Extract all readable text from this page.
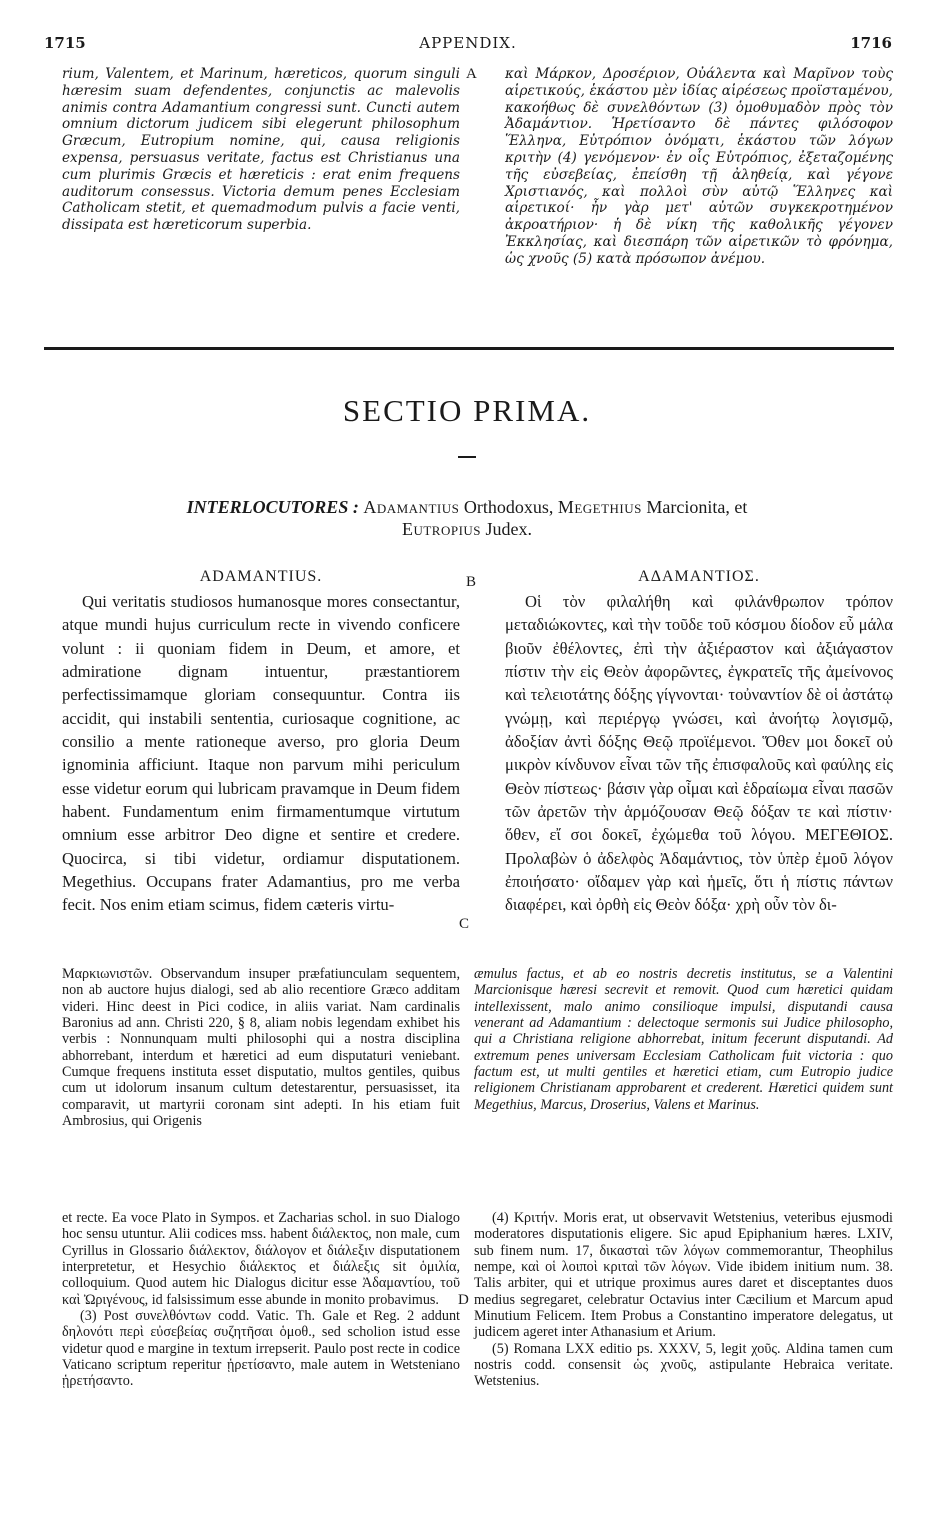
1715	APPENDIX.	1716
rium, Valentem, et Marinum, hæreticos, quorum singuli hæresim suam defendentes, conjunctis ac malevolis animis contra Adamantium congressi sunt. Cuncti autem omnium dictorum judicem sibi elegerunt philosophum Græcum, Eutropium nomine, qui, causa religionis expensa, persuasus veritate, factus est Christianus una cum plurimis Græcis et hæreticis : erat enim frequens auditorum consessus. Victoria demum penes Ecclesiam Catholicam stetit, et quemadmodum pulvis a facie venti, dissipata est hæreticorum superbia.
A καὶ Μάρκον, Δροσέριον, Οὐάλεντα καὶ Μαρῖνον τοὺς αἱρετικούς, ἑκάστου μὲν ἰδίας αἱρέσεως προϊσταμένου, κακοήθως δὲ συνελθόντων (3) ὁμοθυμαδὸν πρὸς τὸν Ἀδαμάντιον. Ἡρετίσαντο δὲ πάντες φιλόσοφον Ἕλληνα, Εὐτρόπιον ὀνόματι, ἑκάστου τῶν λόγων κριτὴν (4) γενόμενον· ἐν οἷς Εὐτρόπιος, ἐξεταζομένης τῆς εὐσεβείας, ἐπείσθη τῇ ἀληθείᾳ, καὶ γέγονε Χριστιανός, καὶ πολλοὶ σὺν αὐτῷ Ἕλληνες καὶ αἱρετικοί· ἦν γὰρ μετ' αὐτῶν συγκεκροτημένον ἀκροατήριον· ἡ δὲ νίκη τῆς καθολικῆς γέγονεν Ἐκκλησίας, καὶ διεσπάρη τῶν αἱρετικῶν τὸ φρόνημα, ὡς χνοῦς (5) κατὰ πρόσωπον ἀνέμου.
SECTIO PRIMA.
INTERLOCUTORES : Adamantius Orthodoxus, Megethius Marcionita, et
Eutropius Judex.
ADAMANTIUS.	B	ΑΔΑΜΑΝΤΙΟΣ.
Qui veritatis studiosos humanosque mores consectantur, atque mundi hujus curriculum recte in vivendo conficere volunt : ii quoniam fidem in Deum, et amore, et admiratione dignam intuentur, præstantiorem perfectissimamque gloriam consequuntur. Contra iis accidit, qui instabili sententia, curiosaque cognitione, ac consilio a mente rationeque averso, pro gloria Deum ignominia afficiunt. Itaque non parvum mihi periculum esse videtur eorum qui lubricam pravamque in Deum fidem habent. Fundamentum enim firmamentumque virtutum omnium esse arbitror Deo digne et sentire et credere. Quocirca, si tibi videtur, ordiamur disputationem. Megethius. Occupans frater Adamantius, pro me verba fecit. Nos enim etiam scimus, fidem cæteris virtu-
C
Οἱ τὸν φιλαλήθη καὶ φιλάνθρωπον τρόπον μεταδιώκοντες, καὶ τὴν τοῦδε τοῦ κόσμου δίοδον εὖ μάλα βιοῦν ἐθέλοντες, ἐπὶ τὴν ἀξιέραστον καὶ ἀξιάγαστον πίστιν τὴν εἰς Θεὸν ἀφορῶντες, ἐγκρατεῖς τῆς ἀμείνονος καὶ τελειοτάτης δόξης γίγνονται· τοὐναντίον δὲ οἱ ἀστάτῳ γνώμῃ, καὶ περιέργῳ γνώσει, καὶ ἀνοήτῳ λογισμῷ, ἀδοξίαν ἀντὶ δόξης Θεῷ προϊέμενοι. Ὅθεν μοι δοκεῖ οὐ μικρὸν κίνδυνον εἶναι τῶν τῆς ἐπισφαλοῦς καὶ φαύλης εἰς Θεὸν πίστεως· βάσιν γὰρ οἶμαι καὶ ἑδραίωμα εἶναι πασῶν τῶν ἀρετῶν τὴν ἁρμόζουσαν Θεῷ δόξαν τε καὶ πίστιν· ὅθεν, εἴ σοι δοκεῖ, ἐχώμεθα τοῦ λόγου. ΜΕΓΕΘΙΟΣ. Προλαβὼν ὁ ἀδελφὸς Ἀδαμάντιος, τὸν ὑπὲρ ἐμοῦ λόγον ἐποιήσατο· οἴδαμεν γὰρ καὶ ἡμεῖς, ὅτι ἡ πίστις πάντων διαφέρει, καὶ ὀρθὴ εἰς Θεὸν δόξα· χρὴ οὖν τὸν δι-
Μαρκιωνιστῶν. Observandum insuper præfatiunculam sequentem, non ab auctore hujus dialogi, sed ab alio recentiore Græco additam videri. Hinc deest in Pici codice, in aliis variat. Nam cardinalis Baronius ad ann. Christi 220, § 8, aliam nobis legendam exhibet his verbis : Nonnunquam multi philosophi qui a nostra disciplina abhorrebant, interdum et hæretici ad eum disputaturi veniebant. Cumque frequens instituta esset disputatio, multos gentiles, quibus cum ut idolorum insanum cultum detestarentur, persuasisset, ita comparavit, ut martyrii coronam sint adepti. In his etiam fuit Ambrosius, qui Origenis
æmulus factus, et ab eo nostris decretis institutus, se a Valentini Marcionisque hæresi secrevit et removit. Quod cum hæretici quidam intellexissent, malo animo consilioque impulsi, disputandi causa venerant ad Adamantium : delectoque sermonis sui Judice philosopho, qui a Christiana religione abhorrebat, initum fecerunt disputandi. Ad extremum penes universam Ecclesiam Catholicam fuit victoria : quo factum est, ut multi gentiles et hæretici etiam, cum Eutropio judice religionem Christianam approbarent et crederent. Hæretici quidem sunt Megethius, Marcus, Droserius, Valens et Marinus.

et recte. Ea voce Plato in Sympos. et Zacharias schol. in suo Dialogo hoc sensu utuntur. Alii codices mss. habent διάλεκτος, non male, cum Cyrillus in Glossario διάλεκτον, διάλογον et διάλεξιν disputationem interpretetur, et Hesychio διάλεκτος et διάλεξις sit ὁμιλία, colloquium. Quod autem hic Dialogus dicitur esse Ἀδαμαντίου, τοῦ καὶ Ὠριγένους, id falsissimum esse abunde in monito probavimus.

(3) Post συνελθόντων codd. Vatic. Th. Gale et Reg. 2 addunt δηλονότι περὶ εὐσεβείας συζητῆσαι ὁμοθ., sed scholion istud esse videtur quod e margine in textum irrepserit. Paulo post recte in codice Vaticano scriptum reperitur ᾑρετίσαντο, male autem in Wetsteniano ᾑρετήσαντο.

D

(4) Κριτήν. Moris erat, ut observavit Wetstenius, veteribus ejusmodi moderatores disputationis eligere. Sic apud Epiphanium hæres. LXIV, sub finem num. 17, δικασταὶ τῶν λόγων commemorantur, Theophilus nempe, καὶ οἱ λοιποὶ κριταὶ τῶν λόγων. Vide ibidem initium num. 38. Talis arbiter, qui et utrique proximus aures daret et disceptantes duos medius segregaret, celebratur Octavius inter Cæcilium et Marcum apud Minutium Felicem. Item Probus a Constantino imperatore delegatus, ut judicem ageret inter Athanasium et Arium.

(5) Romana LXX editio ps. XXXV, 5, legit χοῦς. Aldina tamen cum nostris codd. consensit ὡς χνοῦς, astipulante Hebraica veritate. Wetstenius.
